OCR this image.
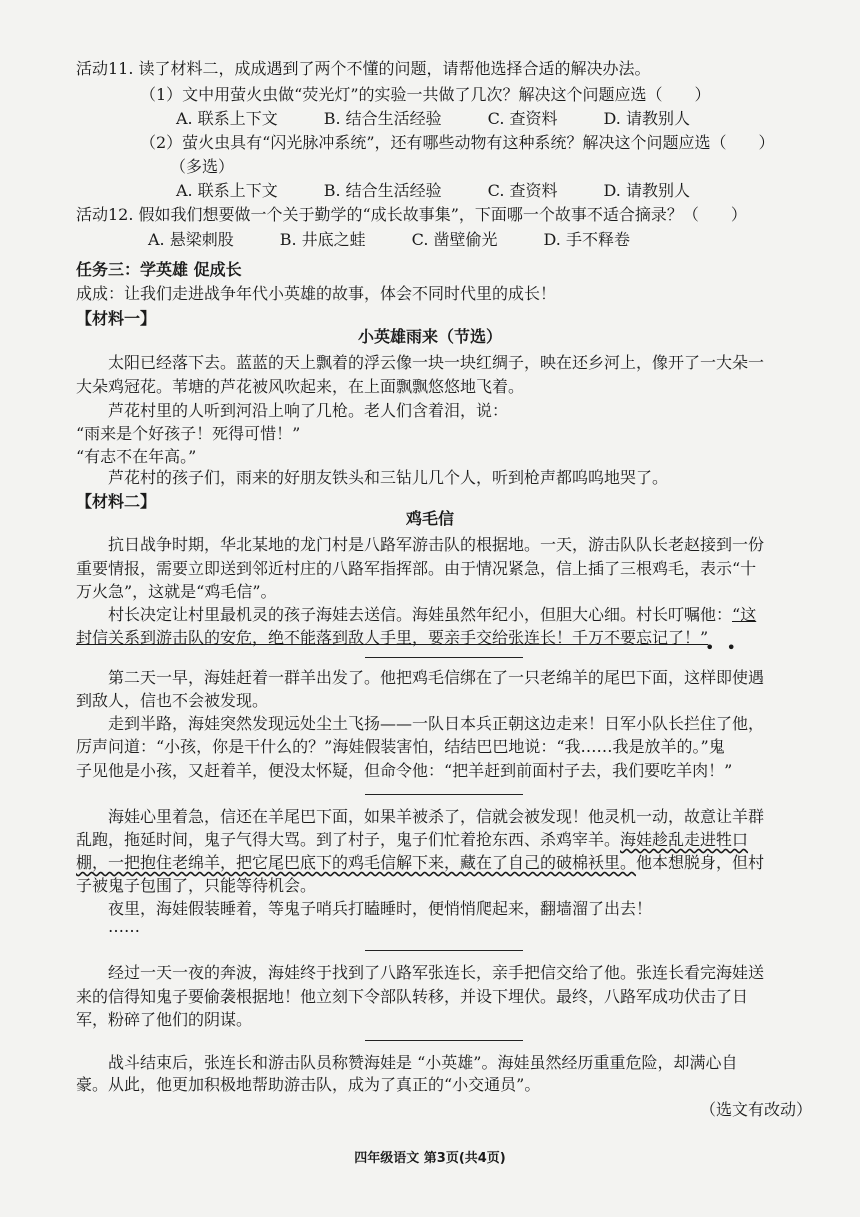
活动11. 读了材料二，成成遇到了两个不懂的问题，请帮他选择合适的解决办法。
（1）文中用萤火虫做“荧光灯”的实验一共做了几次？解决这个问题应选（　　）
A. 联系上下文	B. 结合生活经验	C. 查资料	D. 请教别人
（2）萤火虫具有“闪光脉冲系统”，还有哪些动物有这种系统？解决这个问题应选（　　）
（多选）
A. 联系上下文	B. 结合生活经验	C. 查资料	D. 请教别人
活动12. 假如我们想要做一个关于勤学的“成长故事集”，下面哪一个故事不适合摘录？（　　）
A. 悬梁刺股	B. 井底之蛙	C. 凿壁偷光	D. 手不释卷
任务三：学英雄 促成长
成成：让我们走进战争年代小英雄的故事，体会不同时代里的成长！
【材料一】
小英雄雨来（节选）
太阳已经落下去。蓝蓝的天上飘着的浮云像一块一块红绸子，映在还乡河上，像开了一大朵一
大朵鸡冠花。苇塘的芦花被风吹起来，在上面飘飘悠悠地飞着。
芦花村里的人听到河沿上响了几枪。老人们含着泪，说：
“雨来是个好孩子！死得可惜！”
“有志不在年高。”
芦花村的孩子们，雨来的好朋友铁头和三钻儿几个人，听到枪声都呜呜地哭了。
【材料二】
鸡毛信
抗日战争时期，华北某地的龙门村是八路军游击队的根据地。一天，游击队队长老赵接到一份
重要情报，需要立即送到邻近村庄的八路军指挥部。由于情况紧急，信上插了三根鸡毛，表示“十
万火急”，这就是“鸡毛信”。
村长决定让村里最机灵的孩子海娃去送信。海娃虽然年纪小，但胆大心细。村长叮嘱他：“这
封信关系到游击队的安危，绝不能落到敌人手里，要亲手交给张连长！千万不要忘记了！”
••
第二天一早，海娃赶着一群羊出发了。他把鸡毛信绑在了一只老绵羊的尾巴下面，这样即使遇
到敌人，信也不会被发现。
走到半路，海娃突然发现远处尘土飞扬——一队日本兵正朝这边走来！日军小队长拦住了他，
厉声问道：“小孩，你是干什么的？”海娃假装害怕，结结巴巴地说：“我……我是放羊的。”鬼
子见他是小孩，又赶着羊，便没太怀疑，但命令他：“把羊赶到前面村子去，我们要吃羊肉！”
海娃心里着急，信还在羊尾巴下面，如果羊被杀了，信就会被发现！他灵机一动，故意让羊群
乱跑，拖延时间，鬼子气得大骂。到了村子，鬼子们忙着抢东西、杀鸡宰羊。海娃趁乱走进牲口
棚，一把抱住老绵羊，把它尾巴底下的鸡毛信解下来，藏在了自己的破棉袄里。他本想脱身，但村
子被鬼子包围了，只能等待机会。
夜里，海娃假装睡着，等鬼子哨兵打瞌睡时，便悄悄爬起来，翻墙溜了出去！
……
经过一天一夜的奔波，海娃终于找到了八路军张连长，亲手把信交给了他。张连长看完海娃送
来的信得知鬼子要偷袭根据地！他立刻下令部队转移，并设下埋伏。最终，八路军成功伏击了日
军，粉碎了他们的阴谋。
战斗结束后，张连长和游击队员称赞海娃是 “小英雄”。海娃虽然经历重重危险，却满心自
豪。从此，他更加积极地帮助游击队，成为了真正的“小交通员”。
（选文有改动）
四年级语文 第3页(共4页)
